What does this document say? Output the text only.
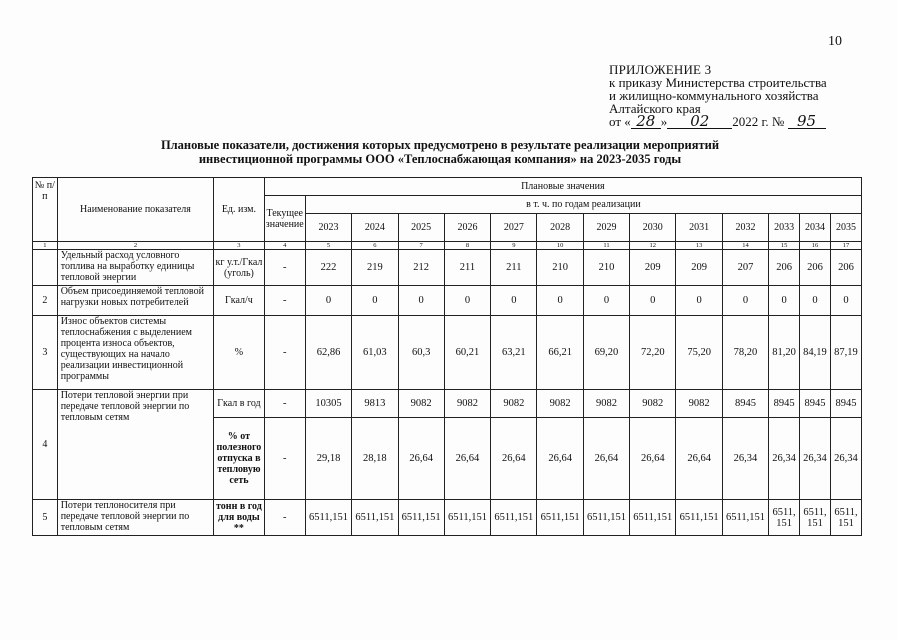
10
ПРИЛОЖЕНИЕ 3
к приказу Министерства строительства
и жилищно-коммунального хозяйства
Алтайского края
от « 28 » 02 2022 г. № 95
Плановые показатели, достижения которых предусмотрено в результате реализации мероприятий
инвестиционной программы ООО «Теплоснабжающая компания» на 2023-2035 годы
№ п/п	Наименование показателя	Ед. изм.	Плановые значения													
			Текущее значение	в т. ч. по годам реализации												
				2023	2024	2025	2026	2027	2028	2029	2030	2031	2032	2033	2034	2035
1	2	3	4	5	6	7	8	9	10	11	12	13	14	15	16	17
	Удельный расход условного топлива на выработку единицы тепловой энергии	кг у.т./Гкал (уголь)	-	222	219	212	211	211	210	210	209	209	207	206	206	206
2	Объем присоединяемой тепловой нагрузки новых потребителей	Гкал/ч	-	0	0	0	0	0	0	0	0	0	0	0	0	0
3	Износ объектов системы теплоснабжения с выделением процента износа объектов, существующих на начало реализации инвестиционной программы	%	-	62,86	61,03	60,3	60,21	63,21	66,21	69,20	72,20	75,20	78,20	81,20	84,19	87,19
4	Потери тепловой энергии при передаче тепловой энергии по тепловым сетям	Гкал в год	-	10305	9813	9082	9082	9082	9082	9082	9082	9082	8945	8945	8945	8945
		% от полезного отпуска в тепловую сеть	-	29,18	28,18	26,64	26,64	26,64	26,64	26,64	26,64	26,64	26,34	26,34	26,34	26,34
5	Потери теплоносителя при передаче тепловой энергии по тепловым сетям	тонн в год для воды **	-	6511,151	6511,151	6511,151	6511,151	6511,151	6511,151	6511,151	6511,151	6511,151	6511,151	6511, 151	6511, 151	6511, 151
